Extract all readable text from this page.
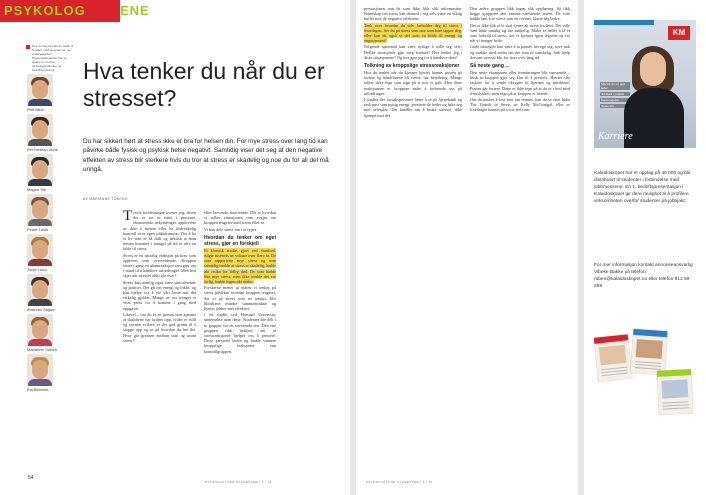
PSYKOLOG	ENE
Hva du har på lysta du setter å fa latter i stress-systemet, ser undersøkelse? Psykologistudenter har du sjekke ut med tre psykologistudenter og bedriftspsykologi.
Rolf Mehl
Per Kristian Aune
Magne Vik
Peder Lavik
Tonje Lund
Andreas Saglen
Marianne Tveten
Ela Behnele
Hva tenker du når du er stresset?
Du har sikkert hørt at stress ikke er bra for helsen din. For mye stress over lang tid kan påvirke både fysisk og psykisk helse negativt. Samtidig viser det seg at den negative effekten av stress blir sterkere hvis du tror at stress er skadelig og noe du for all del må unngå.
AV MARIANNE TOKENG

Travle forelesninger kvener seg, eksen der er tar av natet i personer, ekonomiske bekymringer, opplevelse av ikke å mestre eller ha tilstrekkelig kontroll over egen jobbsituasjon. Det å ha et liv som er så fullt og hektisk at man nesten kommer i mangel på tid er ofte en kilde til stress.

Stress er en naturlig reaksjon på krav som oppleves som overveldende. Kroppen setter i gang en alarmreaksjon som gjør oss i stand til å håndtere utfordringer. Men hva skjer når stresset aldri går over?

Stress kan nemlig også være stimulerende og positivt. Det gir oss energi og fokus, og kan hjelpe oss å yte vårt beste når det virkelig gjelder. Mange av oss trenger et visst press for å komme i gang med oppgaver.

Likevel – om du er en person som kjenner at skuldrene har krøpet opp, hodet er fullt og søvnen svikter, er det god grunn til å stoppe opp og se på hvordan du har det. Hvor går grensen mellom sunt og usunt stress?

eller krevende man møter. Det er hvordan vi tolker situasjonen som avgjør om kroppen reagerer med stress eller ro.

Vi kan dele stress inn i to typer.

Hvordan du tenker om eget stress, gjør en forskjell

Et klassisk studie, gjort ved Stanford, fulgte tusenvis av voksne over flere år. De som rapporterte mye stress og som samtidig trodde at stress er skadelig, hadde økt risiko for tidlig død. De som hadde like mye stress, men ikke trodde det var farlig, hadde ingen økt risiko.

Forskerne mener at måten vi tenker på stress påvirker hvordan kroppen reagerer. Ser vi på stress som en ressurs, blir blodårene mindre sammentrukne og hjertet jobber mer effektivt.

I en studie ved Harvard University undersøkte man dette. Studenter ble delt i to grupper før en stressende test. Den ene gruppen fikk beskjed om at stressreaksjoner hjelper oss å prestere. Disse presterte bedre og hadde sunnere kroppslige reaksjoner enn kontrollgruppen.

54
PSYKOLOGI FOR STUDENTER | 2 / 16

prestasjonen enn de som ikke fikk slik informasjon. Kunnskap om stress kan dermed i seg selv være en viktig buffer mot de negative effektene.

Tenk over hvordan du selv forholder deg til stress i hverdagen. Ser du på stress som noe som bare tapper deg, eller kan du også se det som en kilde til energi og engasjement?

Følgende spørsmål kan være nyttige å stille seg selv: Hvilke situasjoner gjør meg stresset? Hva tenker jeg i disse situasjonene? Og hva gjør jeg for å håndtere dem?

Tolkning av kroppslige stressreaksjoner

Hva du tenker når du kjenner hjertet hamre, pusten gå fortere og håndflatene bli svette, har betydning. Mange tolker slike tegn som tegn på at noe er galt. Men disse reaksjonene er kroppens måte å forberede oss på utfordringer.

I studier der forsøkspersoner lærte å se på hjertebank og rask pust som nyttig energi, presterte de bedre og følte seg mer selvsikre. Det handler om å bruke stresset, ikke kjempe mot det.

Den andre gruppen fikk ingen slik opplæring. Så fikk begge gruppene den samme stressende testen. De som hadde lært å se stress som en ressurs, klarte seg bedre.

Det er ikke slik at vi skal fjerne alt stress fra livet. Det ville vært både umulig og lite ønskelig. Målet er heller å få et sunt forhold til stress, der vi kjenner igjen tegnene og vet når vi trenger hvile.

Gode strategier kan være å ta pauser, bevege seg, sove nok og snakke med andre om det som er vanskelig. Søk hjelp dersom stresset blir for stort over lang tid.

Så neste gang ...

Den neste eksamenen eller fremføringen blir stressende – husk at kroppen gjør seg klar til å prestere. Hjertet slår raskere for å sende oksygen til hjernen og musklene. Pusten går fortere. Dette er ikke tegn på at du er i ferd med å mislykkes, men tegn på at kroppen er beredt.

Om du ønsker å lese mer om temaet, kan du se etter boka The Upside of Stress av Kelly McGonigal, eller se foredraget hennes på www.ted.com.

PSYKOLOGI FOR STUDENTER | 2 / 16
KM
Slik blir du en god leder
Jobbsøk i praksis
Karriereguide
Studentliv
Karriere
Kalaidoskopet har et opplag på 40 000 og blir distribuert til studenter i forbindelse med jobbmessene. En 1. bedriftspresentasjon i Kalaidoskopet gir dere mulighet til å profilere virksomheten overfor studenter på jobbjakt.
For mer informasjon kontakt annonseansvarlig Vibeke Bakke på telefon: ruben@kalaidoskopet.no eller telefon 913 59 299
